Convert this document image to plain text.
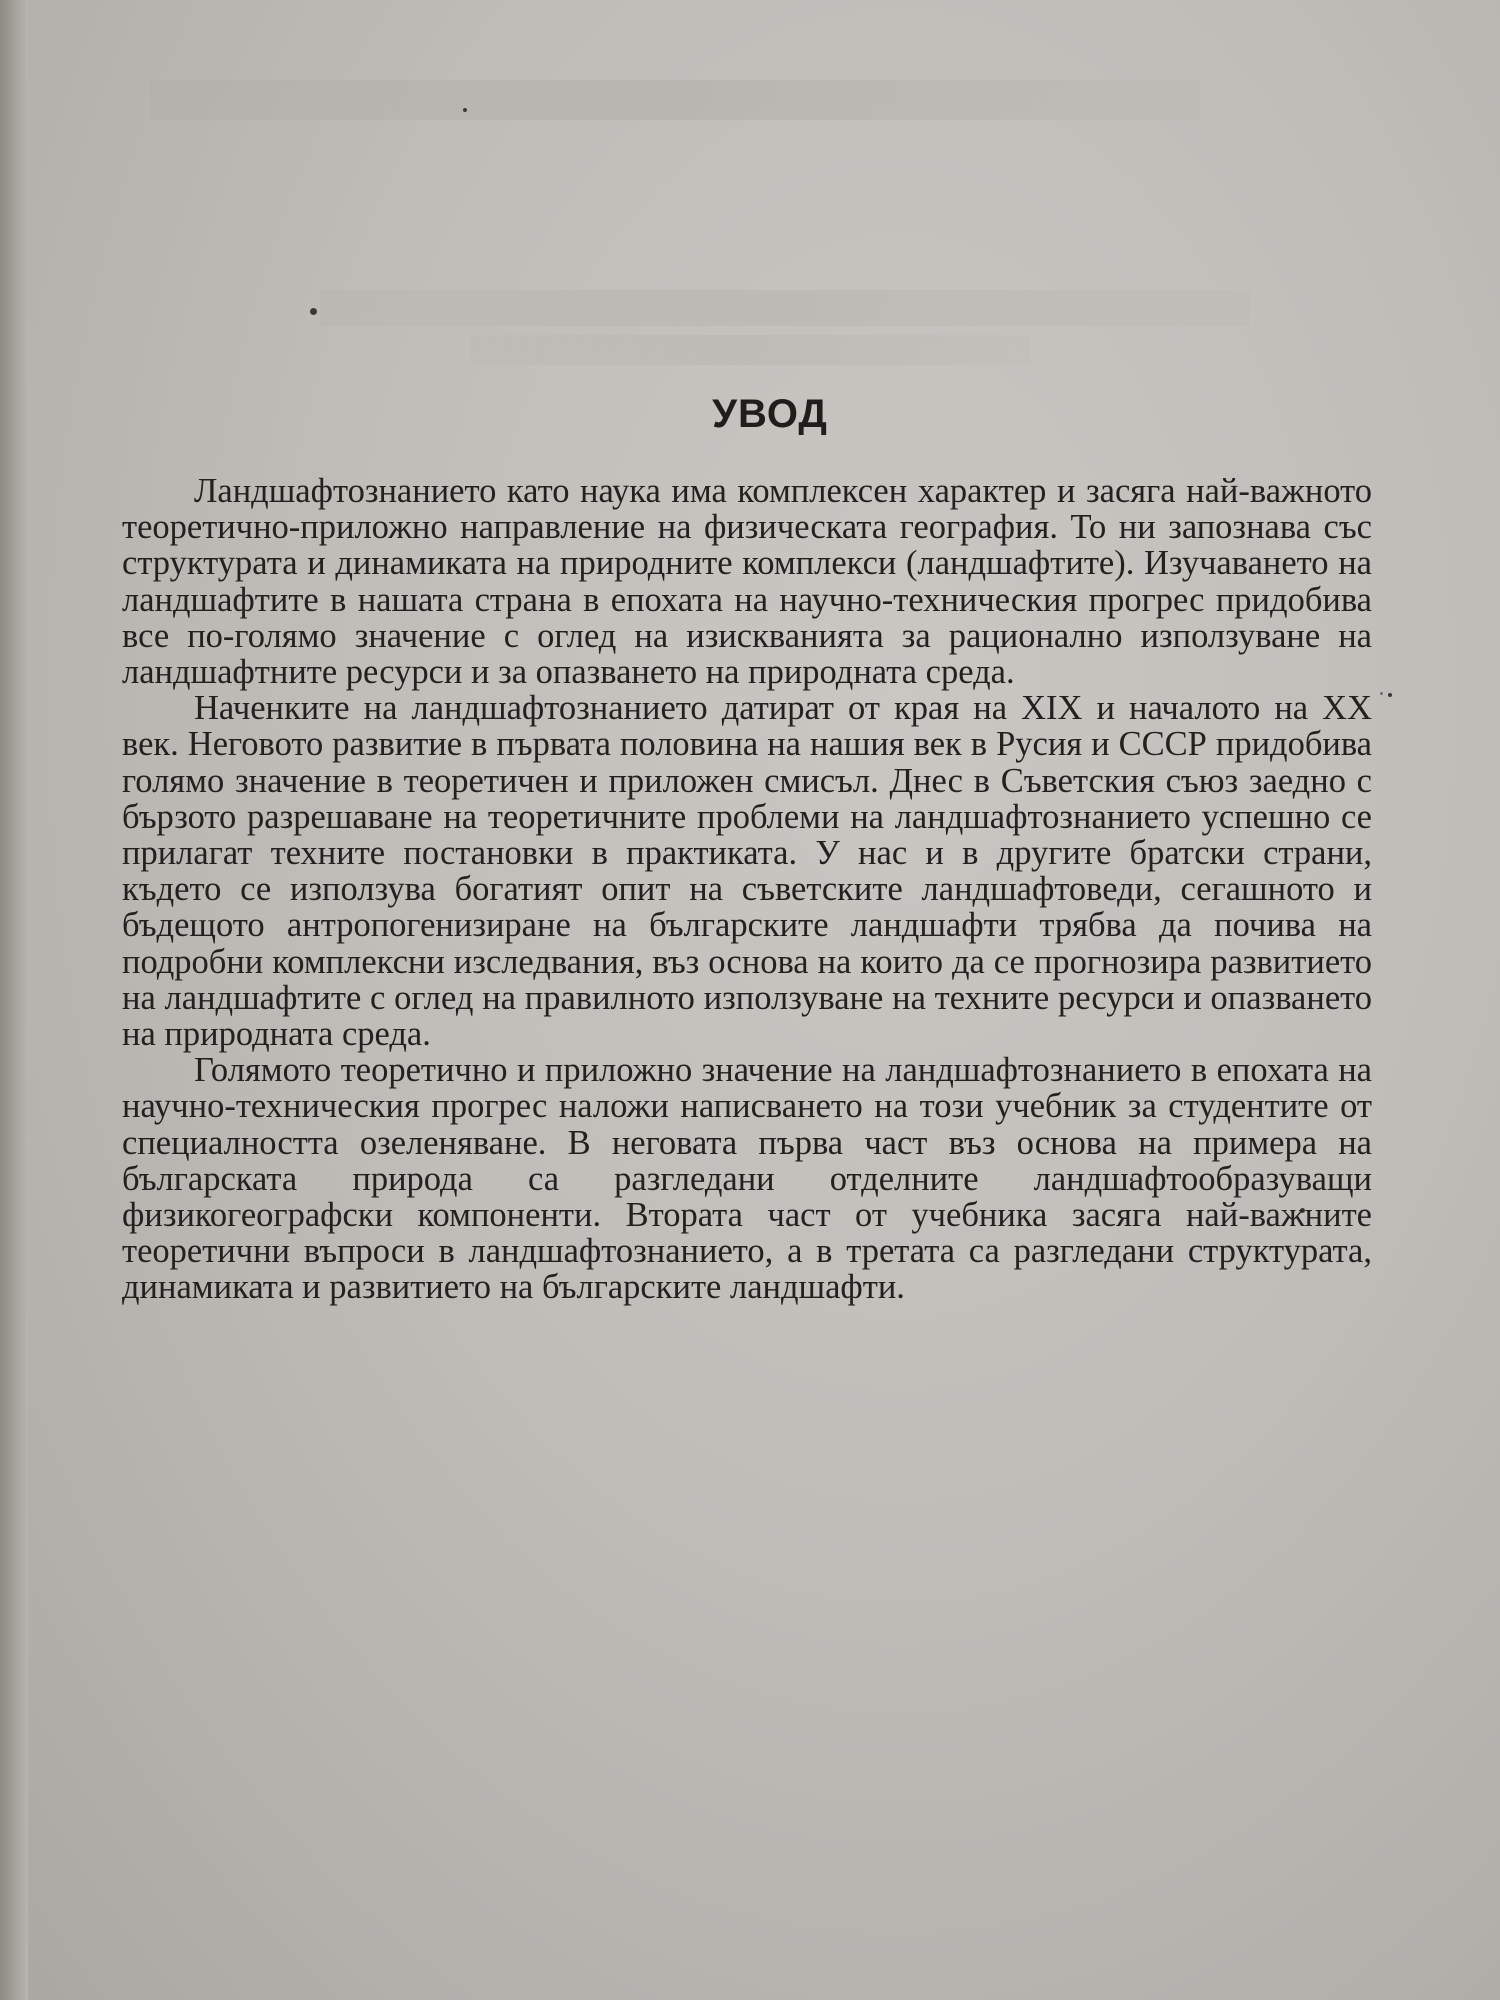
УВОД

Ландшафтознанието като наука има комплексен характер и засяга най-важното теоретично-приложно направление на физическата география. То ни запознава със структурата и динамиката на природните комплекси (ландшафтите). Изучаването на ландшафтите в нашата страна в епохата на научно-техническия прогрес придобива все по-голямо значение с оглед на изискванията за рационално използуване на ландшафтните ресурси и за опазването на природната среда.

Наченките на ландшафтознанието датират от края на XIX и началото на XX век. Неговото развитие в първата половина на нашия век в Русия и СССР придобива голямо значение в теоретичен и приложен смисъл. Днес в Съветския съюз заедно с бързото разрешаване на теоретичните проблеми на ландшафтознанието успешно се прилагат техните постановки в практиката. У нас и в другите братски страни, където се използува богатият опит на съветските ландшафтоведи, сегашното и бъдещото антропогенизиране на българските ландшафти трябва да почива на подробни комплексни изследвания, въз основа на които да се прогнозира развитието на ландшафтите с оглед на правилното използуване на техните ресурси и опазването на природната среда.

Голямото теоретично и приложно значение на ландшафтознанието в епохата на научно-техническия прогрес наложи написването на този учебник за студентите от специалността озеленяване. В неговата първа част въз основа на примера на българската природа са разгледани отделните ландшафтообразуващи физикогеографски компоненти. Втората част от учебника засяга най-важните теоретични въпроси в ландшафтознанието, а в третата са разгледани структурата, динамиката и развитието на българските ландшафти.
